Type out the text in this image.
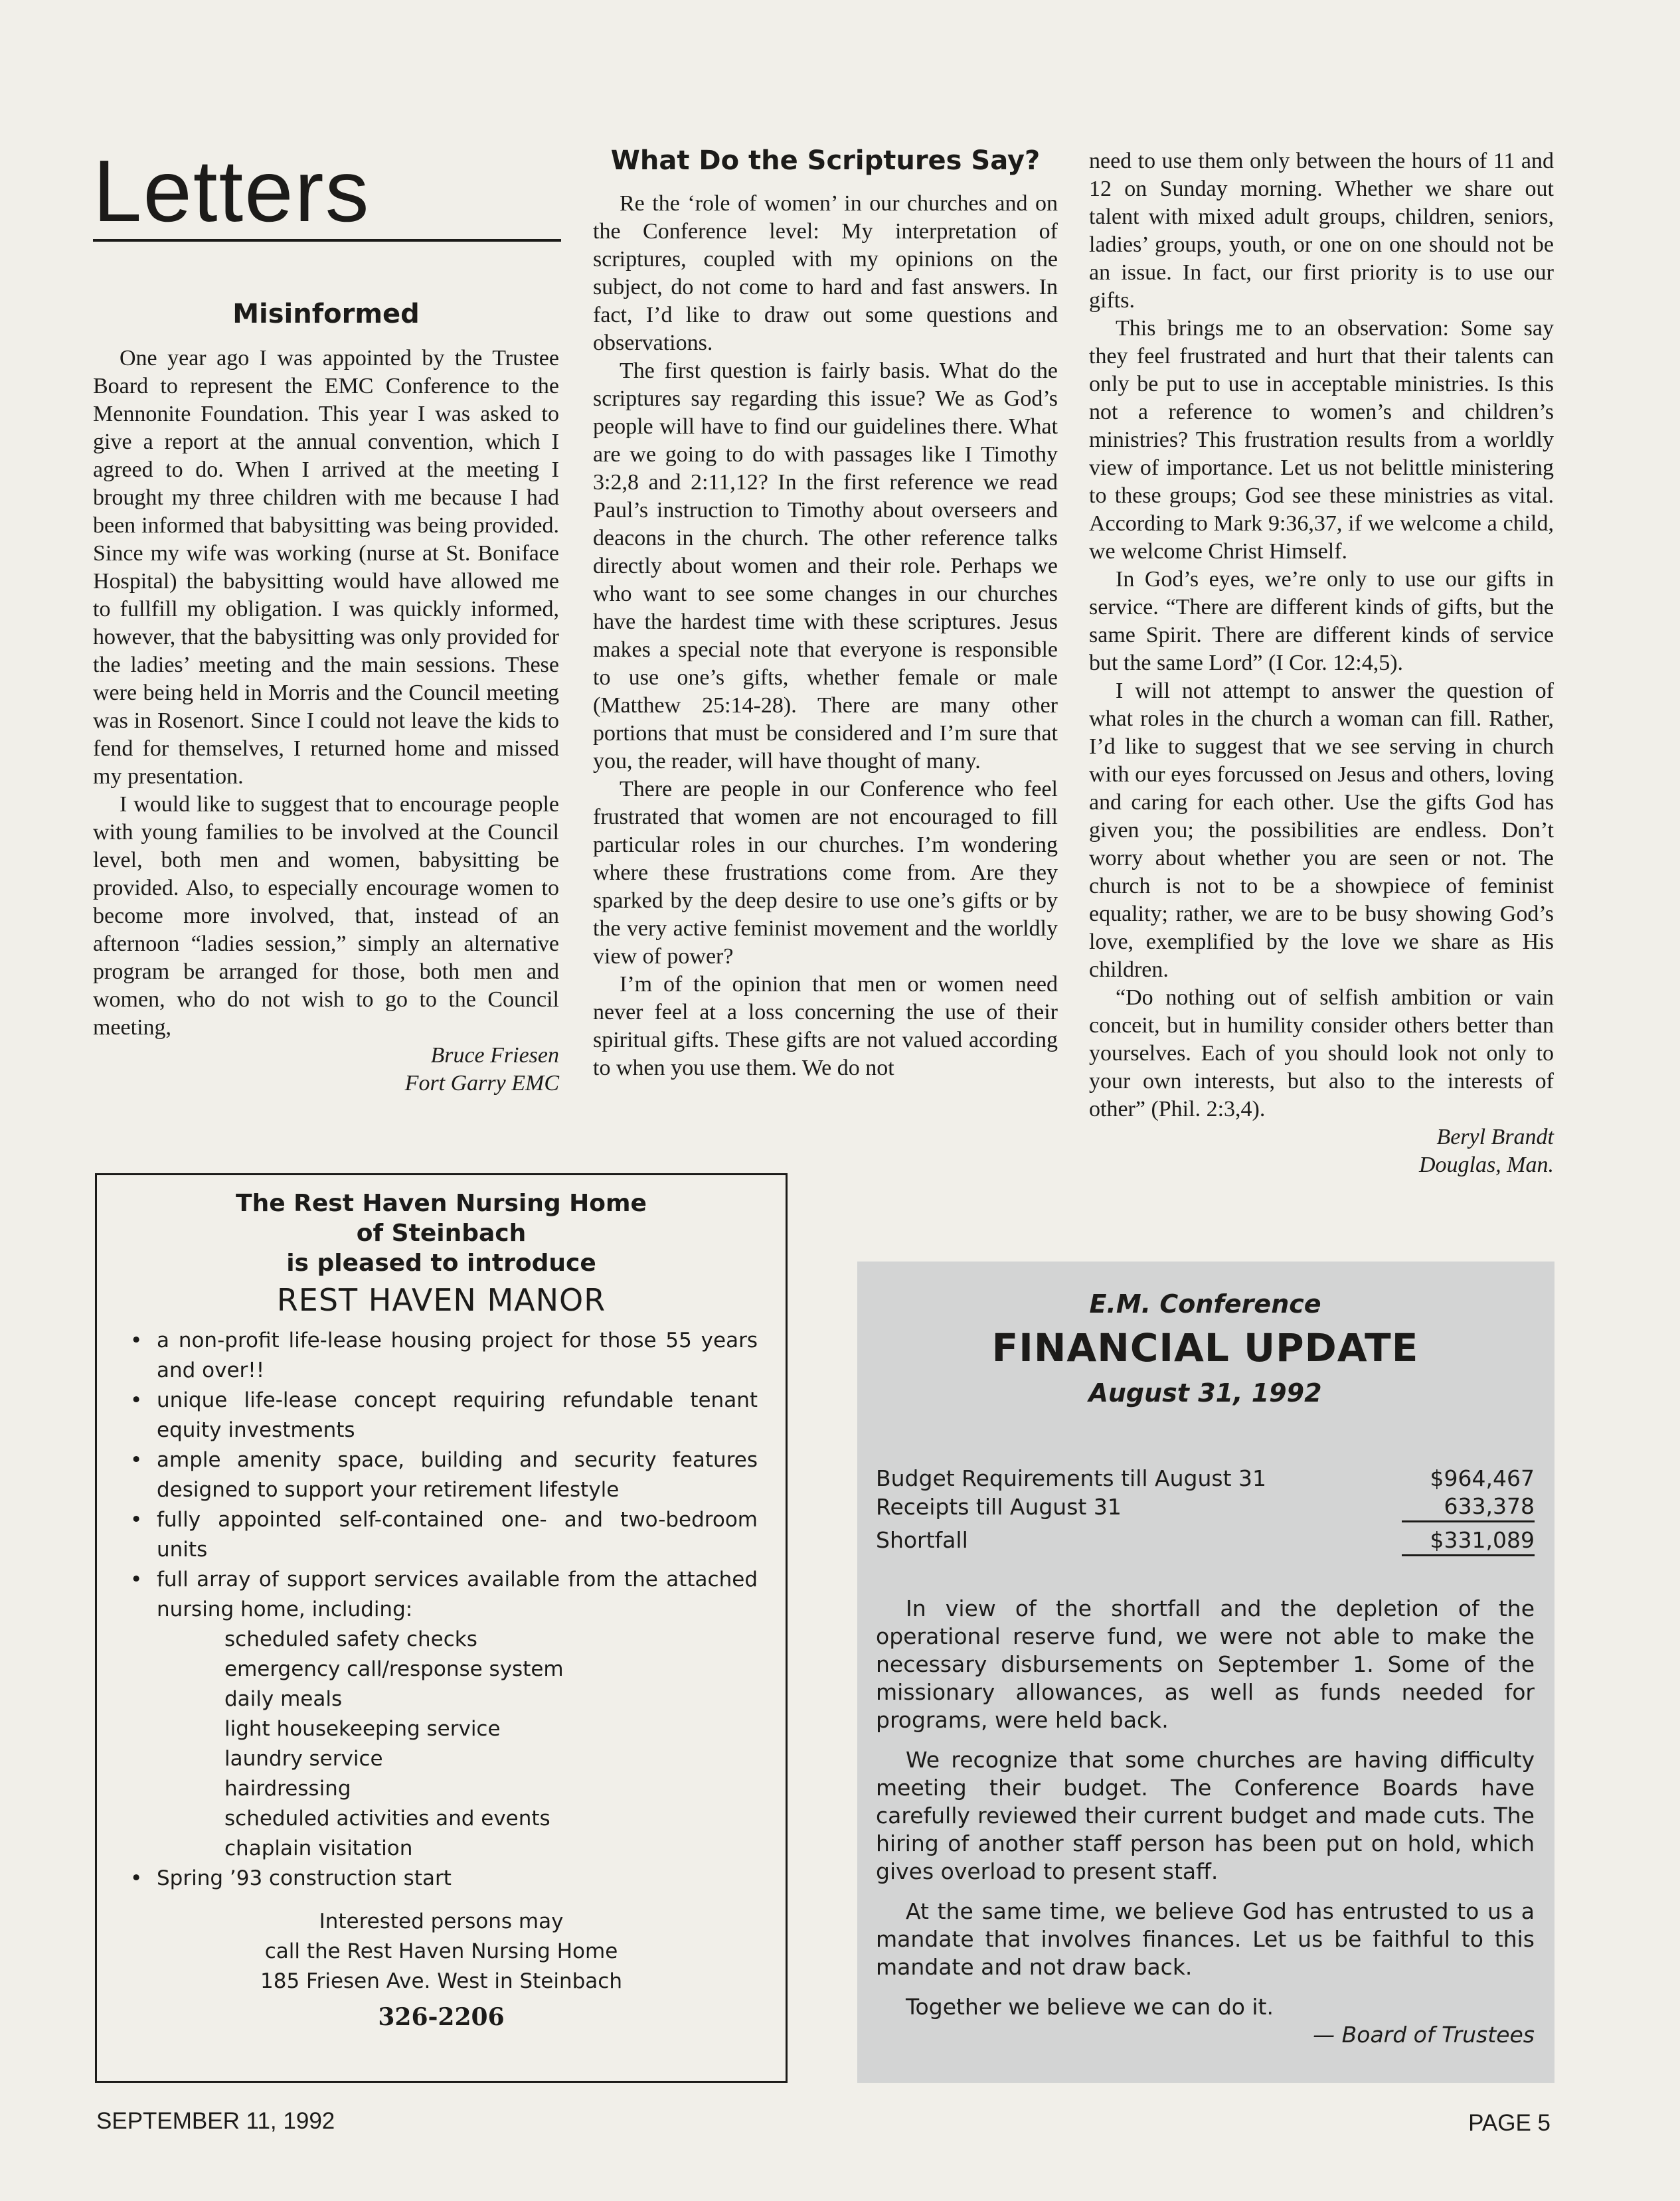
Letters
Misinformed

One year ago I was appointed by the Trustee Board to represent the EMC Conference to the Mennonite Foundation. This year I was asked to give a report at the annual convention, which I agreed to do. When I arrived at the meeting I brought my three children with me because I had been informed that babysitting was being provided. Since my wife was working (nurse at St. Boniface Hospital) the babysitting would have allowed me to fullfill my obligation. I was quickly informed, however, that the babysitting was only provided for the ladies’ meeting and the main sessions. These were being held in Morris and the Council meeting was in Rosenort. Since I could not leave the kids to fend for themselves, I returned home and missed my presentation.

I would like to suggest that to encourage people with young families to be involved at the Council level, both men and women, babysitting be provided. Also, to especially encourage women to become more involved, that, instead of an afternoon “ladies session,” simply an alternative program be arranged for those, both men and women, who do not wish to go to the Council meeting,

Bruce Friesen
Fort Garry EMC
What Do the Scriptures Say?

Re the ‘role of women’ in our churches and on the Conference level: My interpretation of scriptures, coupled with my opinions on the subject, do not come to hard and fast answers. In fact, I’d like to draw out some questions and observations.

The first question is fairly basis. What do the scriptures say regarding this issue? We as God’s people will have to find our guidelines there. What are we going to do with passages like I Timothy 3:2,8 and 2:11,12? In the first reference we read Paul’s instruction to Timothy about overseers and deacons in the church. The other reference talks directly about women and their role. Perhaps we who want to see some changes in our churches have the hardest time with these scriptures. Jesus makes a special note that everyone is responsible to use one’s gifts, whether female or male (Matthew 25:14-28). There are many other portions that must be considered and I’m sure that you, the reader, will have thought of many.

There are people in our Conference who feel frustrated that women are not encouraged to fill particular roles in our churches. I’m wondering where these frustrations come from. Are they sparked by the deep desire to use one’s gifts or by the very active feminist movement and the worldly view of power?

I’m of the opinion that men or women need never feel at a loss concerning the use of their spiritual gifts. These gifts are not valued according to when you use them. We do not

need to use them only between the hours of 11 and 12 on Sunday morning. Whether we share out talent with mixed adult groups, children, seniors, ladies’ groups, youth, or one on one should not be an issue. In fact, our first priority is to use our gifts.

This brings me to an observation: Some say they feel frustrated and hurt that their talents can only be put to use in acceptable ministries. Is this not a reference to women’s and children’s ministries? This frustration results from a worldly view of importance. Let us not belittle ministering to these groups; God see these ministries as vital. According to Mark 9:36,37, if we welcome a child, we welcome Christ Himself.

In God’s eyes, we’re only to use our gifts in service. “There are different kinds of gifts, but the same Spirit. There are different kinds of service but the same Lord” (I Cor. 12:4,5).

I will not attempt to answer the question of what roles in the church a woman can fill. Rather, I’d like to suggest that we see serving in church with our eyes forcussed on Jesus and others, loving and caring for each other. Use the gifts God has given you; the possibilities are endless. Don’t worry about whether you are seen or not. The church is not to be a showpiece of feminist equality; rather, we are to be busy showing God’s love, exemplified by the love we share as His children.

“Do nothing out of selfish ambition or vain conceit, but in humility consider others better than yourselves. Each of you should look not only to your own interests, but also to the interests of other” (Phil. 2:3,4).

Beryl Brandt
Douglas, Man.
The Rest Haven Nursing Home
of Steinbach
is pleased to introduce
REST HAVEN MANOR
• a non-profit life-lease housing project for those 55 years and over!!
• unique life-lease concept requiring refundable tenant equity investments
• ample amenity space, building and security features designed to support your retirement lifestyle
• fully appointed self-contained one- and two-bedroom units
• full array of support services available from the attached nursing home, including:
scheduled safety checks
emergency call/response system
daily meals
light housekeeping service
laundry service
hairdressing
scheduled activities and events
chaplain visitation
• Spring ’93 construction start
Interested persons may
call the Rest Haven Nursing Home
185 Friesen Ave. West in Steinbach
326-2206
E.M. Conference
FINANCIAL UPDATE
August 31, 1992
Budget Requirements till August 31	$964,467
Receipts till August 31	633,378
Shortfall	$331,089

In view of the shortfall and the depletion of the operational reserve fund, we were not able to make the necessary disbursements on September 1. Some of the missionary allowances, as well as funds needed for programs, were held back.

We recognize that some churches are having difficulty meeting their budget. The Conference Boards have carefully reviewed their current budget and made cuts. The hiring of another staff person has been put on hold, which gives overload to present staff.

At the same time, we believe God has entrusted to us a mandate that involves finances. Let us be faithful to this mandate and not draw back.

Together we believe we can do it.

— Board of Trustees
SEPTEMBER 11, 1992	PAGE 5
